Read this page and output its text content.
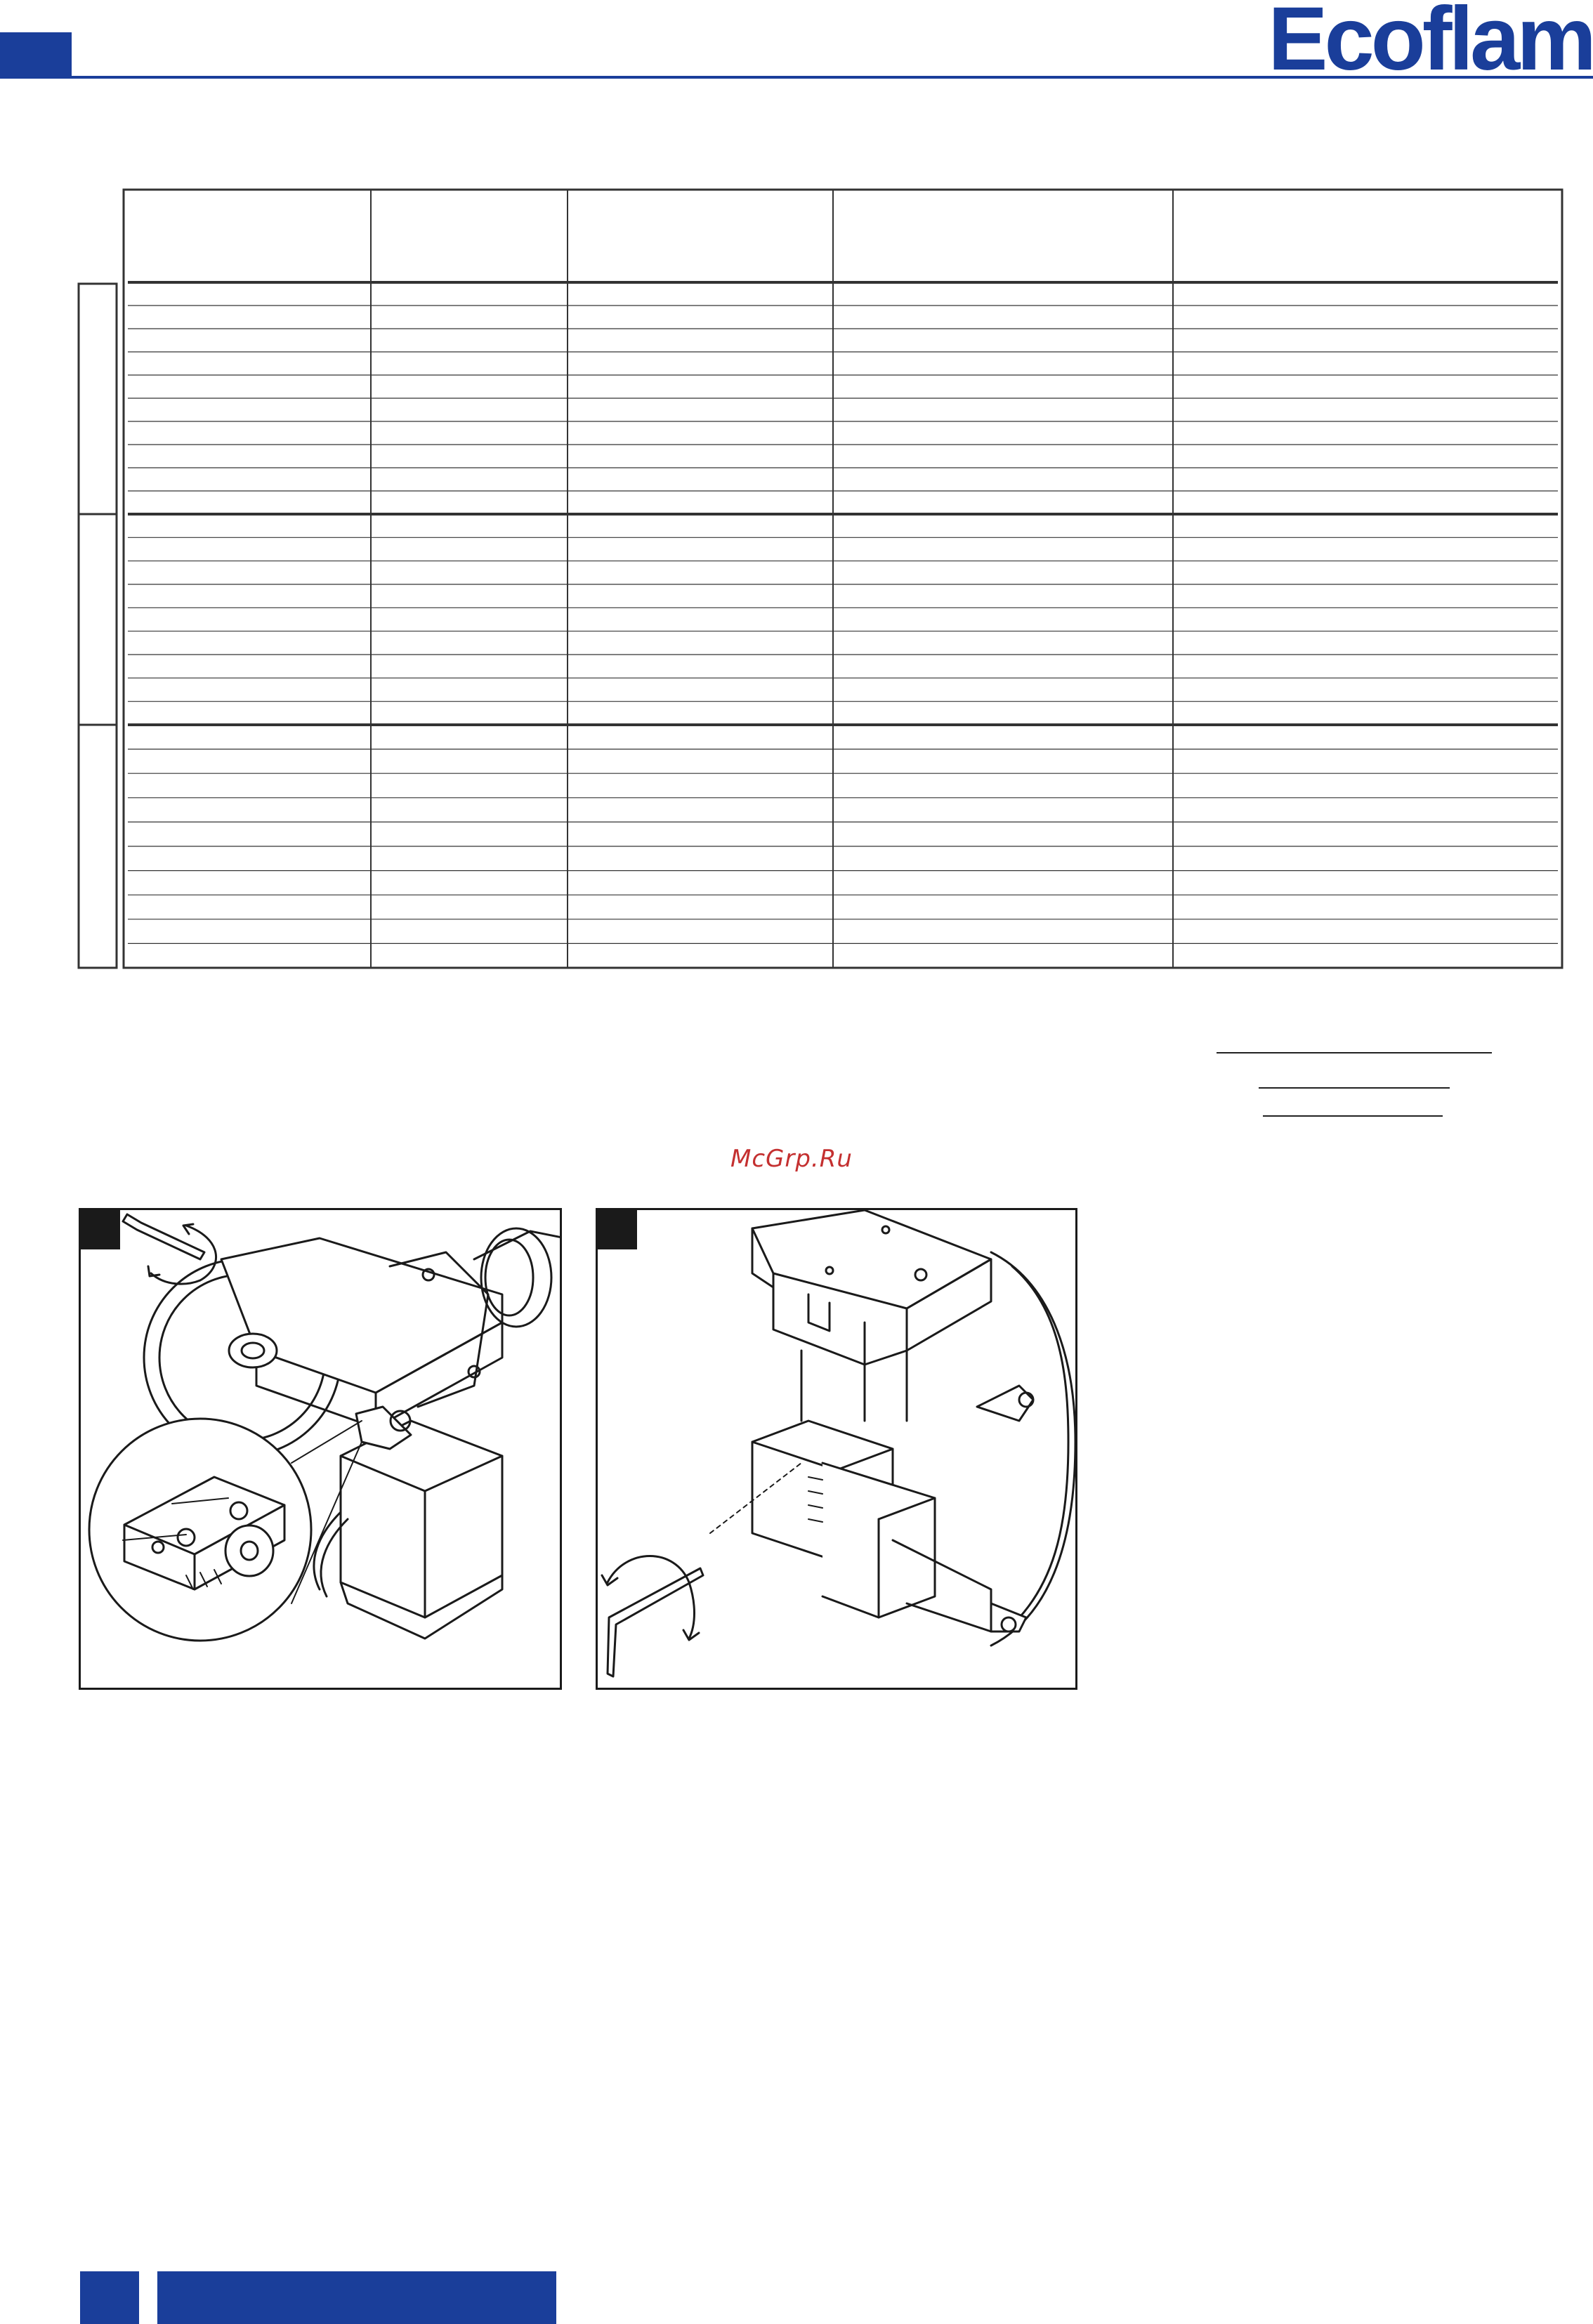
Ecoflam
McGrp.Ru
